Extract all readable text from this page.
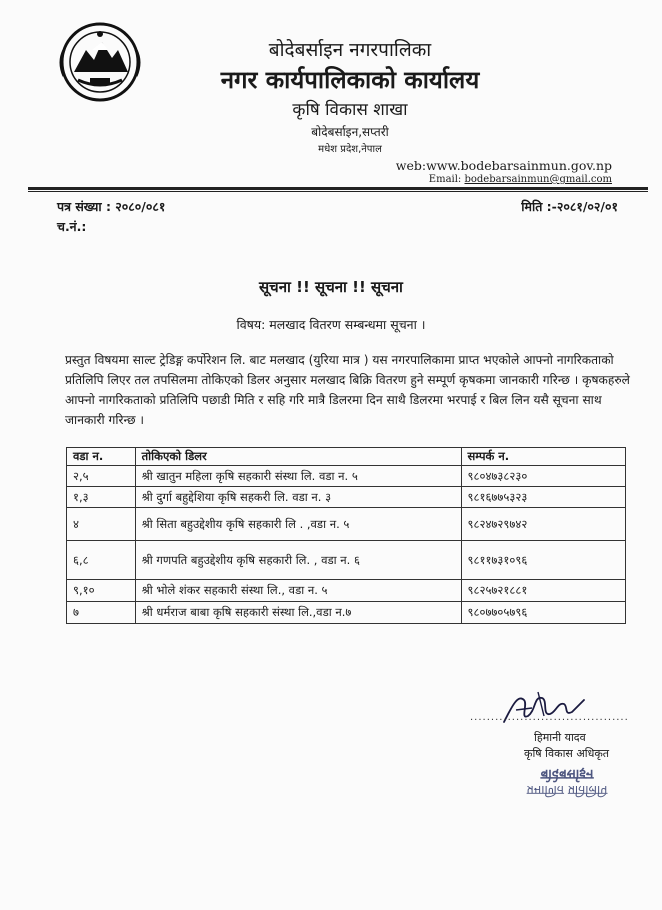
बोदेबर्साइन नगरपालिका
नगर कार्यपालिकाको कार्यालय
कृषि विकास शाखा
बोदेबर्साइन,सप्तरी
मधेश प्रदेश,नेपाल
web:www.bodebarsainmun.gov.np
Email: bodebarsainmun@gmail.com
पत्र संख्या : २०८०/०८१
च.नं.:
मिति :-२०८१/०२/०१
सूचना !! सूचना !! सूचना
विषय: मलखाद वितरण सम्बन्धमा सूचना ।

प्रस्तुत विषयमा साल्ट ट्रेडिङ्ग कर्पोरेशन लि. बाट मलखाद (युरिया मात्र ) यस नगरपालिकामा प्राप्त भएकोले आफ्नो नागरिकताको प्रतिलिपि लिएर तल तपसिलमा तोकिएको डिलर अनुसार मलखाद बिक्रि वितरण हुने सम्पूर्ण कृषकमा जानकारी गरिन्छ । कृषकहरुले आफ्नो नागरिकताको प्रतिलिपि पछाडी मिति र सहि गरि मात्रै डिलरमा दिन साथै डिलरमा भरपाई र बिल लिन यसै सूचना साथ जानकारी गरिन्छ ।

वडा न.	तोकिएको डिलर	सम्पर्क न.
२,५	श्री खातुन महिला कृषि सहकारी संस्था लि. वडा न. ५	९८०४७३८२३०
१,३	श्री दुर्गा बहुद्देशिया कृषि सहकरी लि. वडा न. ३	९८१६७७५३२३
४	श्री सिता बहुउद्देशीय कृषि सहकारी लि . ,वडा न. ५	९८२४७२९७४२
६,८	श्री गणपति बहुउद्देशीय कृषि सहकारी लि. , वडा न. ६	९८११७३१०९६
९,१०	श्री भोले शंकर सहकारी संस्था लि., वडा न. ५	९८२५७२१८८१
७	श्री धर्मराज बाबा कृषि सहकारी संस्था लि.,वडा न.७	९८०७७०५७९६
......................................
हिमानी यादव
कृषि विकास अधिकृत
प्रमाणित प्रतिलिपि
बोदेबर्साइन
